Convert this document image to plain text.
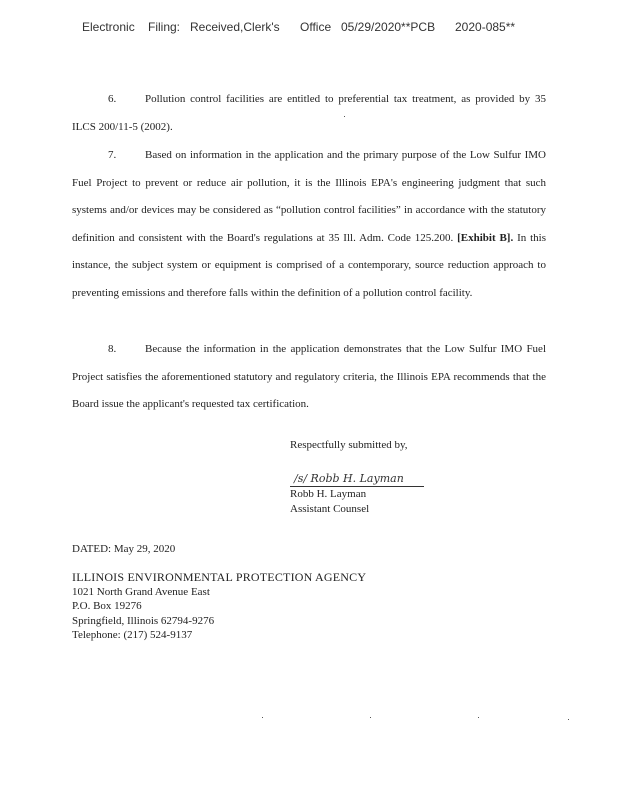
Electronic Filing: Received,Clerk's Office 05/29/2020**PCB 2020-085**

6.	Pollution control facilities are entitled to preferential tax treatment, as provided by 35 ILCS 200/11-5 (2002).

7.	Based on information in the application and the primary purpose of the Low Sulfur IMO Fuel Project to prevent or reduce air pollution, it is the Illinois EPA's engineering judgment that such systems and/or devices may be considered as “pollution control facilities” in accordance with the statutory definition and consistent with the Board's regulations at 35 Ill. Adm. Code 125.200. [Exhibit B]. In this instance, the subject system or equipment is comprised of a contemporary, source reduction approach to preventing emissions and therefore falls within the definition of a pollution control facility.

8.	Because the information in the application demonstrates that the Low Sulfur IMO Fuel Project satisfies the aforementioned statutory and regulatory criteria, the Illinois EPA recommends that the Board issue the applicant's requested tax certification.

Respectfully submitted by,
/s/ Robb H. Layman
Robb H. Layman
Assistant Counsel
DATED: May 29, 2020
ILLINOIS ENVIRONMENTAL PROTECTION AGENCY
1021 North Grand Avenue East
P.O. Box 19276
Springfield, Illinois 62794-9276
Telephone: (217) 524-9137
